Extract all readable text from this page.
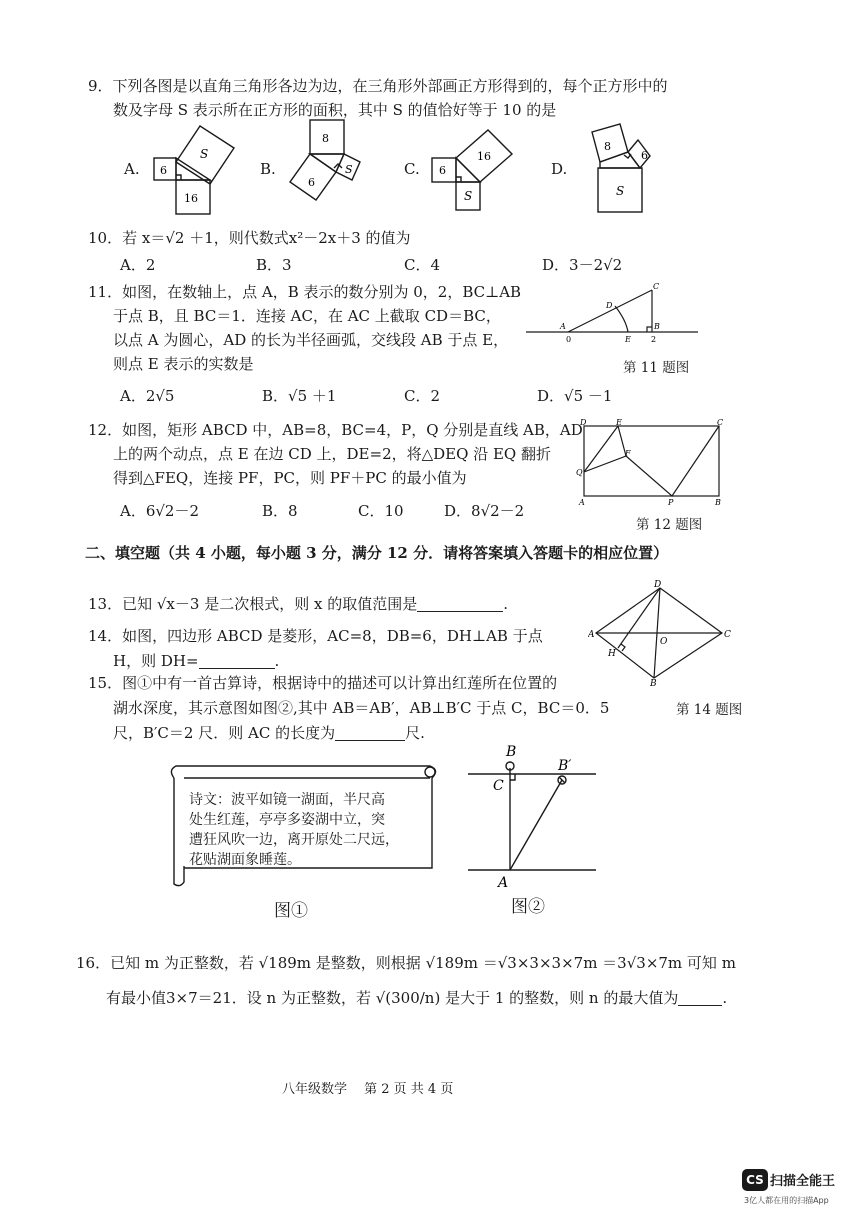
9．下列各图是以直角三角形各边为边，在三角形外部画正方形得到的，每个正方形中的
数及字母 S 表示所在正方形的面积，其中 S 的值恰好等于 10 的是
A. 6
16
S
B.
8
6
S	C. 6
16
S
D.
8
6
S
10．若 x＝√2 ＋1，则代数式x²－2x＋3 的值为
A．2	B．3	C．4	D．3－2√2
11．如图，在数轴上，点 A，B 表示的数分别为 0，2，BC⊥AB
于点 B，且 BC＝1．连接 AC，在 AC 上截取 CD＝BC，
以点 A 为圆心，AD 的长为半径画弧，交线段 AB 于点 E，
则点 E 表示的实数是
A．2√5	B．√5 ＋1	C．2	D．√5 －1
A
0
B
2
C
D
E
第 11 题图
12．如图，矩形 ABCD 中，AB=8，BC=4，P，Q 分别是直线 AB，AD
上的两个动点，点 E 在边 CD 上，DE=2，将△DEQ 沿 EQ 翻折
得到△FEQ，连接 PF，PC，则 PF＋PC 的最小值为
A．6√2－2	B．8	C．10	D．8√2－2
D	E	C
Q
F
A	P	B
第 12 题图
二、填空题（共 4 小题，每小题 3 分，满分 12 分．请将答案填入答题卡的相应位置）
13．已知 √x－3 是二次根式，则 x 的取值范围是	.
14．如图，四边形 ABCD 是菱形，AC=8，DB=6，DH⊥AB 于点
H，则 DH=	.
D
A	C
O
H
B
第 14 题图
15．图①中有一首古算诗，根据诗中的描述可以计算出红莲所在位置的
湖水深度，其示意图如图②,其中 AB＝AB′，AB⊥B′C 于点 C，BC＝0．5
尺，B′C＝2 尺．则 AC 的长度为	尺.
诗文：波平如镜一湖面，半尺高
处生红莲，亭亭多姿湖中立，突
遭狂风吹一边，离开原处二尺远，
花贴湖面象睡莲。
图①
B
B′
C
A
图②
16．已知 m 为正整数，若 √189m 是整数，则根据 √189m ＝√3×3×3×7m ＝3√3×7m 可知 m
有最小值3×7＝21．设 n 为正整数，若 √(300/n) 是大于 1 的整数，则 n 的最大值为	.
八年级数学　 第 2 页 共 4 页
CS 扫描全能王
3亿人都在用的扫描App
